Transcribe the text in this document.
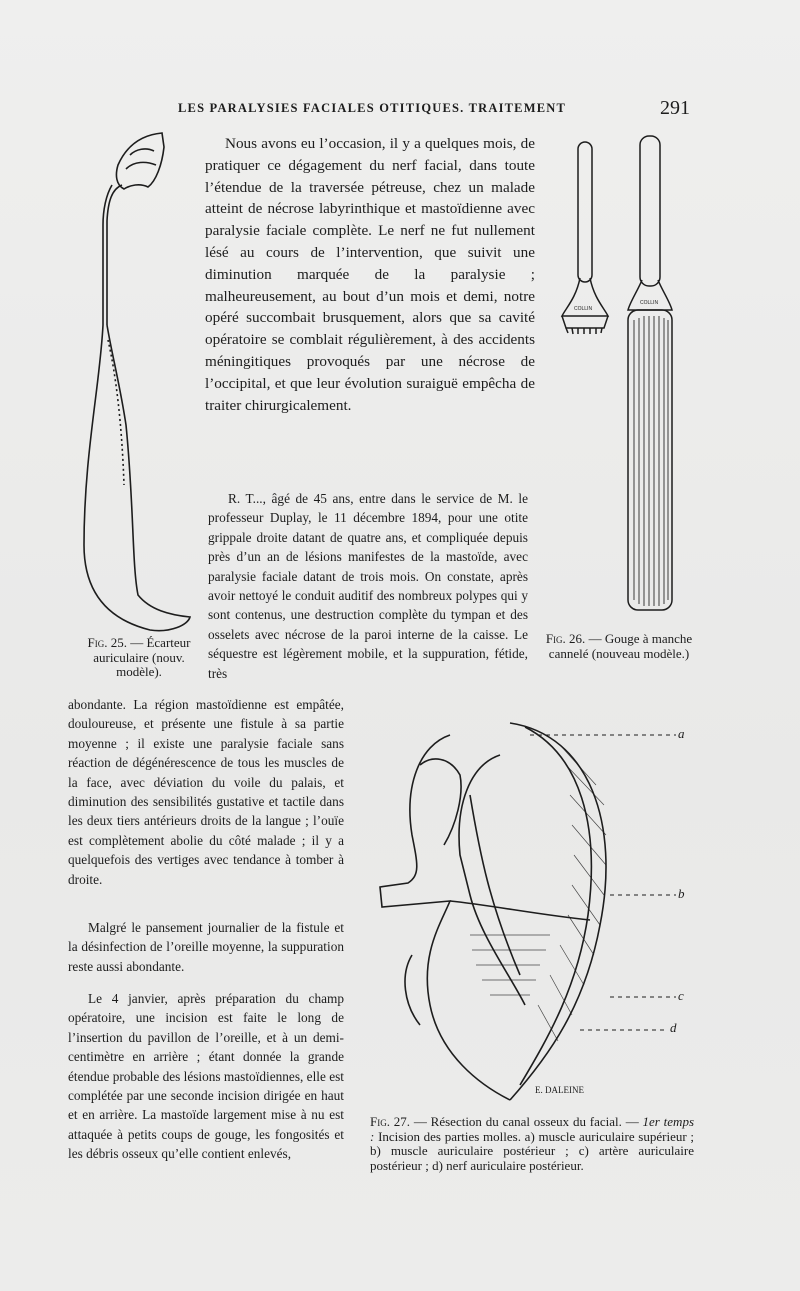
LES PARALYSIES FACIALES OTITIQUES. TRAITEMENT	291

Fig. 25. — Écarteur auriculaire (nouv. modèle).

Nous avons eu l’occasion, il y a quelques mois, de pratiquer ce dégagement du nerf facial, dans toute l’étendue de la traversée pétreuse, chez un malade atteint de nécrose labyrinthique et mastoïdienne avec paralysie faciale complète. Le nerf ne fut nullement lésé au cours de l’intervention, que suivit une diminution marquée de la paralysie ; malheureusement, au bout d’un mois et demi, notre opéré succombait brusquement, alors que sa cavité opératoire se comblait régulièrement, à des accidents méningitiques provoqués par une nécrose de l’occipital, et que leur évolution suraiguë empêcha de traiter chirurgicalement.

COLLIN
COLLIN

Fig. 26. — Gouge à manche cannelé (nouveau modèle.)

R. T..., âgé de 45 ans, entre dans le service de M. le professeur Duplay, le 11 décembre 1894, pour une otite grippale droite datant de quatre ans, et compliquée depuis près d’un an de lésions manifestes de la mastoïde, avec paralysie faciale datant de trois mois. On constate, après avoir nettoyé le conduit auditif des nombreux polypes qui y sont contenus, une destruction complète du tympan et des osselets avec nécrose de la paroi interne de la caisse. Le séquestre est légèrement mobile, et la suppuration, fétide, très

abondante. La région mastoïdienne est empâtée, douloureuse, et présente une fistule à sa partie moyenne ; il existe une paralysie faciale sans réaction de dégénérescence de tous les muscles de la face, avec déviation du voile du palais, et diminution des sensibilités gustative et tactile dans les deux tiers antérieurs droits de la langue ; l’ouïe est complètement abolie du côté malade ; il y a quelquefois des vertiges avec tendance à tomber à droite.

Malgré le pansement journalier de la fistule et la désinfection de l’oreille moyenne, la suppuration reste aussi abondante.

Le 4 janvier, après préparation du champ opératoire, une incision est faite le long de l’insertion du pavillon de l’oreille, et à un demi-centimètre en arrière ; étant donnée la grande étendue probable des lésions mastoïdiennes, elle est complétée par une seconde incision dirigée en haut et en arrière. La mastoïde largement mise à nu est attaquée à petits coups de gouge, les fongosités et les débris osseux qu’elle contient enlevés,

E. DALEINE
a
b
c
d

Fig. 27. — Résection du canal osseux du facial. — 1er temps : Incision des parties molles. a) muscle auriculaire supérieur ; b) muscle auriculaire postérieur ; c) artère auriculaire postérieur ; d) nerf auriculaire postérieur.
